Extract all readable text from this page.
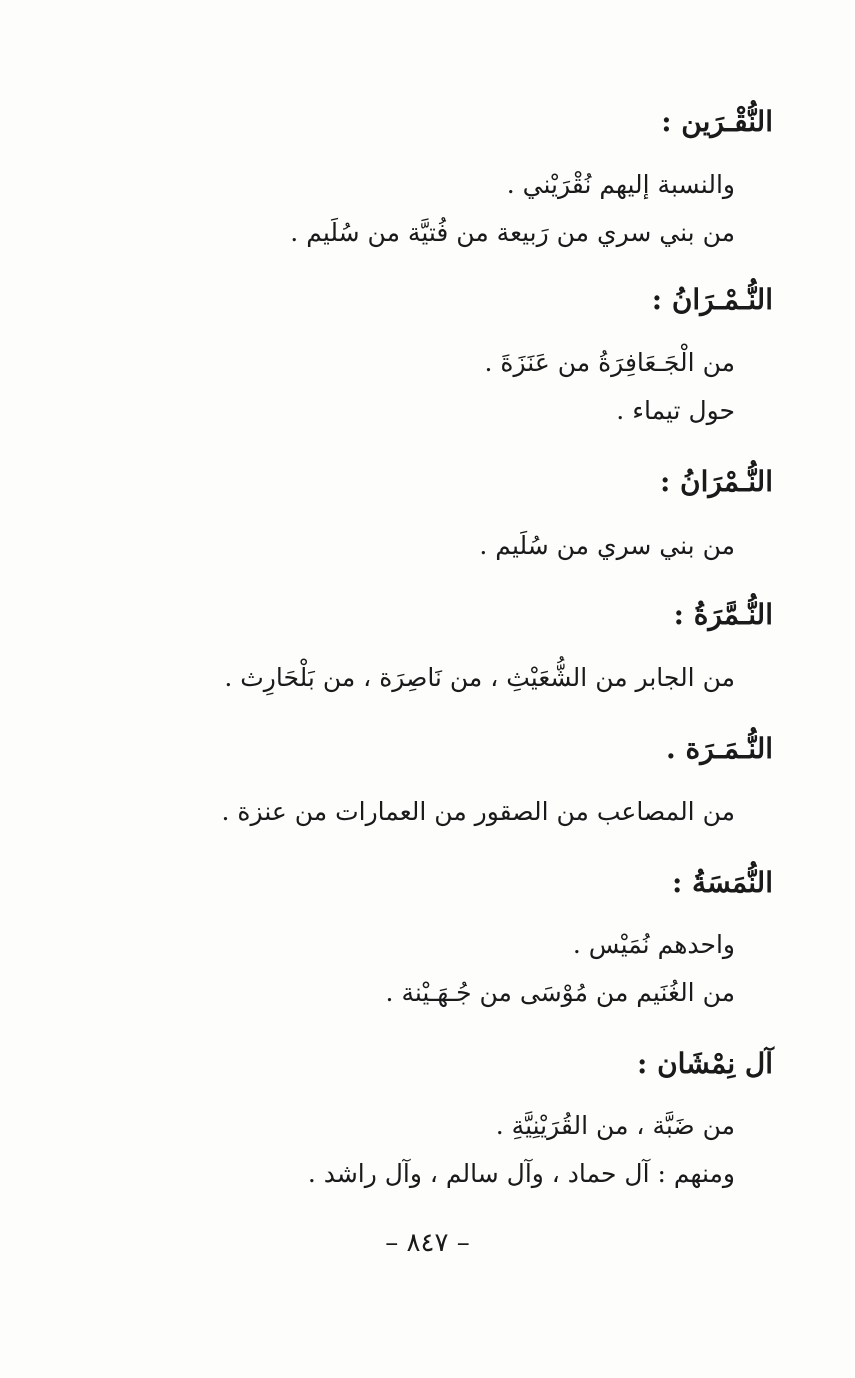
النُّقْـرَين :
والنسبة إليهم نُقْرَيْني .
من بني سري من رَبيعة من فُتيَّة من سُلَيم .
النُّـمْـرَانُ :
من الْجَـعَافِرَةُ من عَنَزَةَ .
حول تيماء .
النُّـمْرَانُ :
من بني سري من سُلَيم .
النُّـمَّرَةُ :
من الجابر من الشُّعَيْثِ ، من نَاصِرَة ، من بَلْحَارِث .
النُّـمَـرَة .
من المصاعب من الصقور من العمارات من عنزة .
النُّمَسَةُ :
واحدهم نُمَيْس .
من الغُنَيم من مُوْسَى من جُـهَـيْنة .
آل نِمْشَان :
من ضَبَّة ، من القُرَيْنِيَّةِ .
ومنهم : آل حماد ، وآل سالم ، وآل راشد .
– ٨٤٧ –
